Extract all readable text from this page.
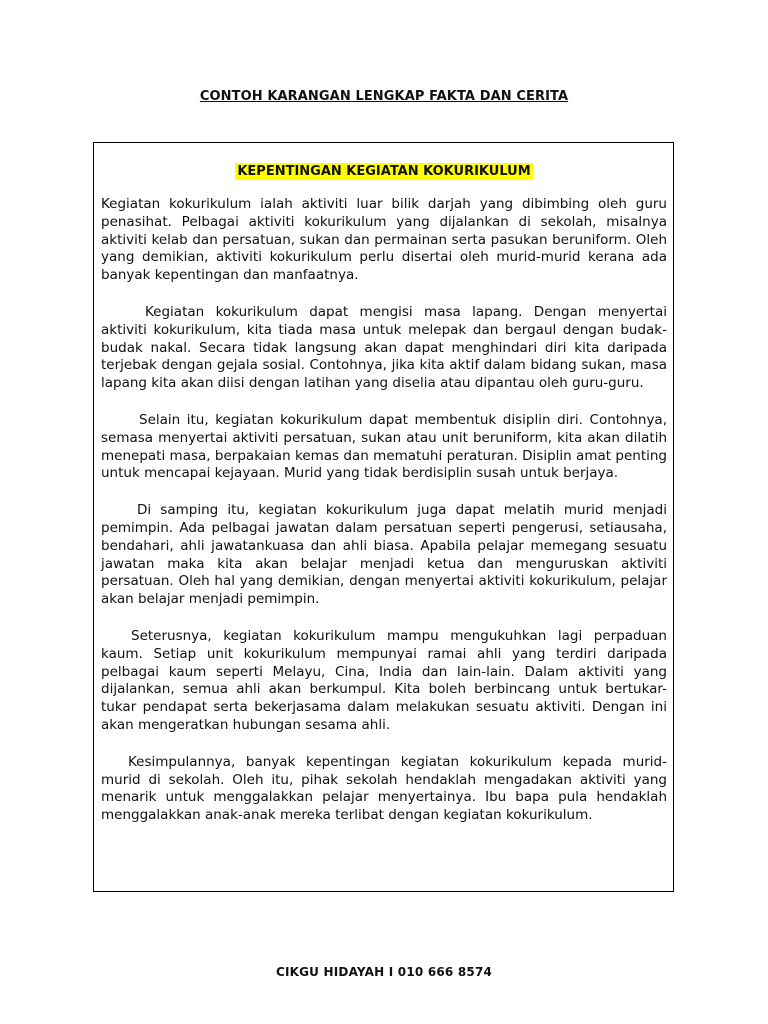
CONTOH KARANGAN LENGKAP FAKTA DAN CERITA
KEPENTINGAN KEGIATAN KOKURIKULUM

Kegiatan kokurikulum ialah aktiviti luar bilik darjah yang dibimbing oleh guru penasihat. Pelbagai aktiviti kokurikulum yang dijalankan di sekolah, misalnya aktiviti kelab dan persatuan, sukan dan permainan serta pasukan beruniform. Oleh yang demikian, aktiviti kokurikulum perlu disertai oleh murid-murid kerana ada banyak kepentingan dan manfaatnya.

Kegiatan kokurikulum dapat mengisi masa lapang. Dengan menyertai aktiviti kokurikulum, kita tiada masa untuk melepak dan bergaul dengan budak-budak nakal. Secara tidak langsung akan dapat menghindari diri kita daripada terjebak dengan gejala sosial. Contohnya, jika kita aktif dalam bidang sukan, masa lapang kita akan diisi dengan latihan yang diselia atau dipantau oleh guru-guru.

Selain itu, kegiatan kokurikulum dapat membentuk disiplin diri. Contohnya, semasa menyertai aktiviti persatuan, sukan atau unit beruniform, kita akan dilatih menepati masa, berpakaian kemas dan mematuhi peraturan. Disiplin amat penting untuk mencapai kejayaan. Murid yang tidak berdisiplin susah untuk berjaya.

Di samping itu, kegiatan kokurikulum juga dapat melatih murid menjadi pemimpin. Ada pelbagai jawatan dalam persatuan seperti pengerusi, setiausaha, bendahari, ahli jawatankuasa dan ahli biasa. Apabila pelajar memegang sesuatu jawatan maka kita akan belajar menjadi ketua dan menguruskan aktiviti persatuan. Oleh hal yang demikian, dengan menyertai aktiviti kokurikulum, pelajar akan belajar menjadi pemimpin.

Seterusnya, kegiatan kokurikulum mampu mengukuhkan lagi perpaduan kaum. Setiap unit kokurikulum mempunyai ramai ahli yang terdiri daripada pelbagai kaum seperti Melayu, Cina, India dan lain-lain. Dalam aktiviti yang dijalankan, semua ahli akan berkumpul. Kita boleh berbincang untuk bertukar-tukar pendapat serta bekerjasama dalam melakukan sesuatu aktiviti. Dengan ini akan mengeratkan hubungan sesama ahli.

Kesimpulannya, banyak kepentingan kegiatan kokurikulum kepada murid-murid di sekolah. Oleh itu, pihak sekolah hendaklah mengadakan aktiviti yang menarik untuk menggalakkan pelajar menyertainya. Ibu bapa pula hendaklah menggalakkan anak-anak mereka terlibat dengan kegiatan kokurikulum.

CIKGU HIDAYAH I 010 666 8574
